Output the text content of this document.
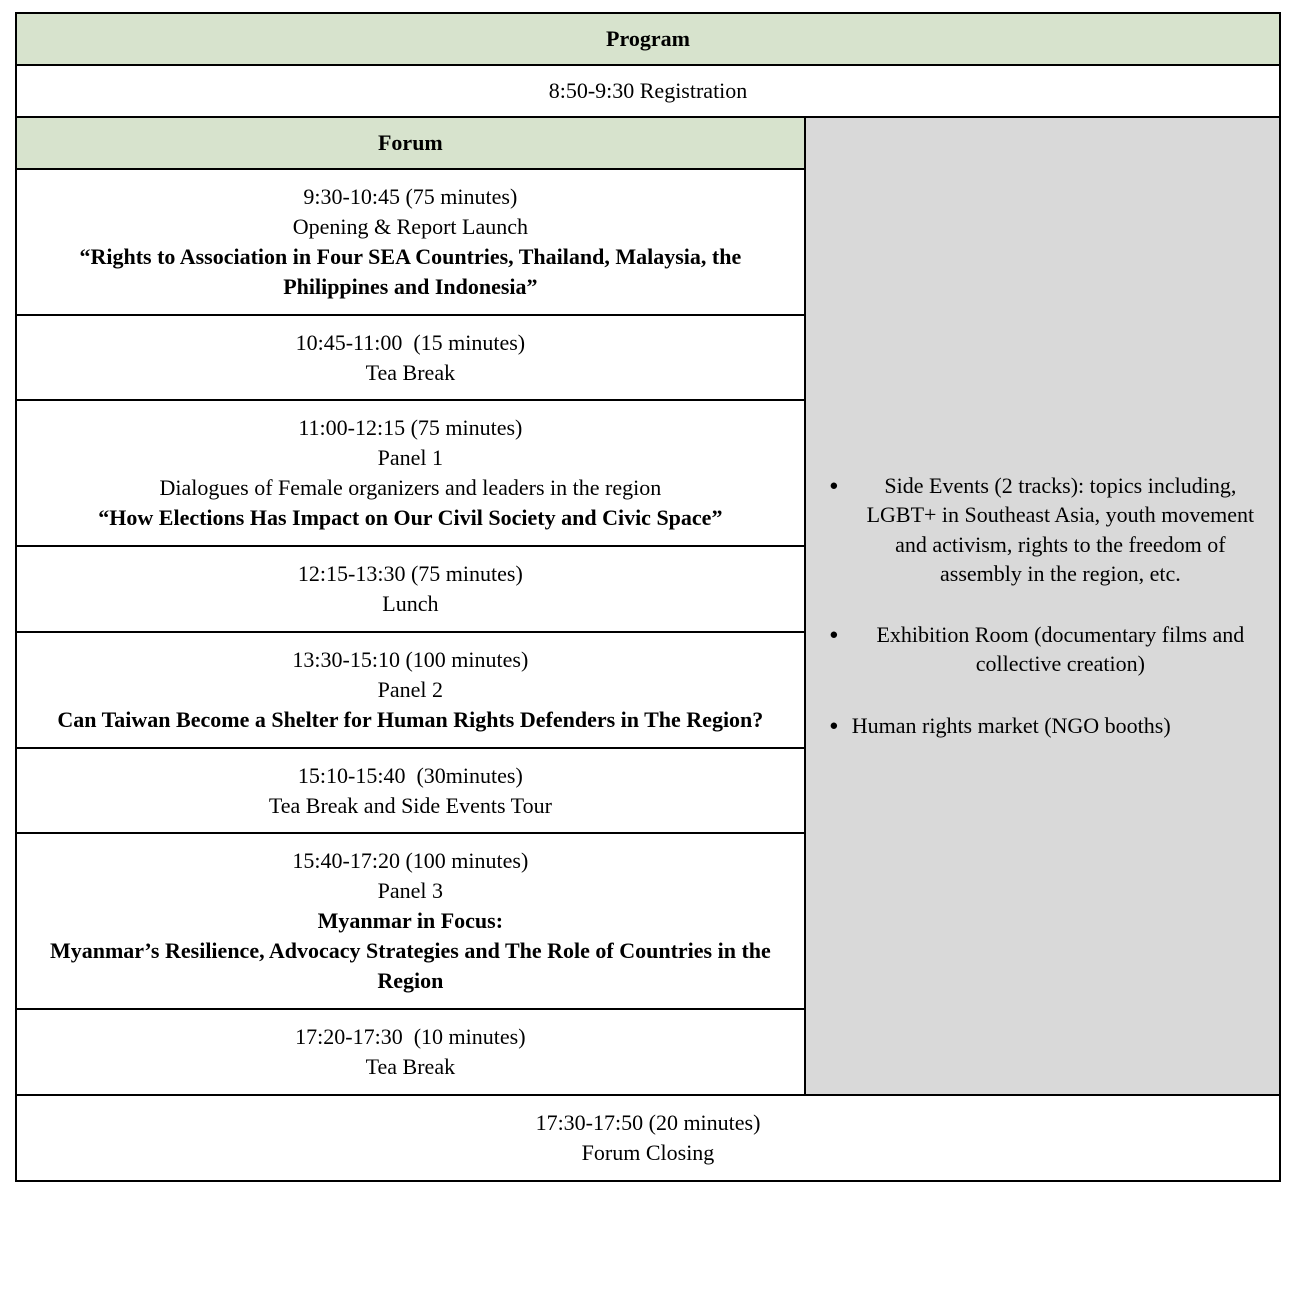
Program
8:50-9:30 Registration
Forum	
●	Side Events (2 tracks): topics including, LGBT+ in Southeast Asia, youth movement and activism, rights to the freedom of assembly in the region, etc.
●	Exhibition Room (documentary films and collective creation)
● Human rights market (NGO booths)

9:30-10:45 (75 minutes)
Opening & Report Launch
“Rights to Association in Four SEA Countries, Thailand, Malaysia, the Philippines and Indonesia”

10:45-11:00  (15 minutes)
Tea Break

11:00-12:15 (75 minutes)
Panel 1
Dialogues of Female organizers and leaders in the region
“How Elections Has Impact on Our Civil Society and Civic Space”

12:15-13:30 (75 minutes)
Lunch

13:30-15:10 (100 minutes)
Panel 2
Can Taiwan Become a Shelter for Human Rights Defenders in The Region?

15:10-15:40  (30minutes)
Tea Break and Side Events Tour

15:40-17:20 (100 minutes)
Panel 3
Myanmar in Focus:
Myanmar’s Resilience, Advocacy Strategies and The Role of Countries in the Region

17:20-17:30  (10 minutes)
Tea Break

17:30-17:50 (20 minutes)
Forum Closing
